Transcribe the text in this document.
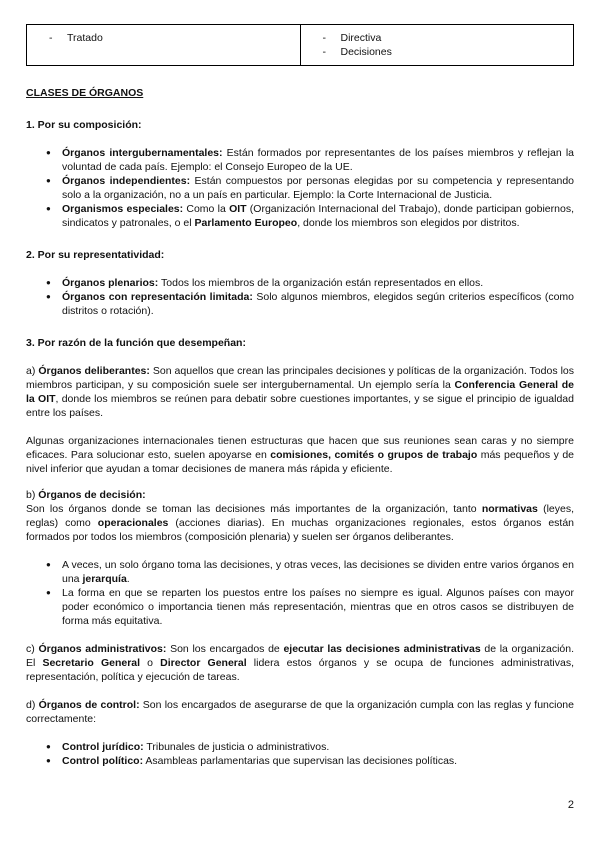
- Tratado	- Directiva
- Decisiones
CLASES DE ÓRGANOS
1. Por su composición:
● Órganos intergubernamentales: Están formados por representantes de los países miembros y reflejan la voluntad de cada país. Ejemplo: el Consejo Europeo de la UE.
● Órganos independientes: Están compuestos por personas elegidas por su competencia y representando solo a la organización, no a un país en particular. Ejemplo: la Corte Internacional de Justicia.
● Organismos especiales: Como la OIT (Organización Internacional del Trabajo), donde participan gobiernos, sindicatos y patronales, o el Parlamento Europeo, donde los miembros son elegidos por distritos.
2. Por su representatividad:
● Órganos plenarios: Todos los miembros de la organización están representados en ellos.
● Órganos con representación limitada: Solo algunos miembros, elegidos según criterios específicos (como distritos o rotación).
3. Por razón de la función que desempeñan:

a) Órganos deliberantes: Son aquellos que crean las principales decisiones y políticas de la organización. Todos los miembros participan, y su composición suele ser intergubernamental. Un ejemplo sería la Conferencia General de la OIT, donde los miembros se reúnen para debatir sobre cuestiones importantes, y se sigue el principio de igualdad entre los países.

Algunas organizaciones internacionales tienen estructuras que hacen que sus reuniones sean caras y no siempre eficaces. Para solucionar esto, suelen apoyarse en comisiones, comités o grupos de trabajo más pequeños y de nivel inferior que ayudan a tomar decisiones de manera más rápida y eficiente.

b) Órganos de decisión:

Son los órganos donde se toman las decisiones más importantes de la organización, tanto normativas (leyes, reglas) como operacionales (acciones diarias). En muchas organizaciones regionales, estos órganos están formados por todos los miembros (composición plenaria) y suelen ser órganos deliberantes.

● A veces, un solo órgano toma las decisiones, y otras veces, las decisiones se dividen entre varios órganos en una jerarquía.
● La forma en que se reparten los puestos entre los países no siempre es igual. Algunos países con mayor poder económico o importancia tienen más representación, mientras que en otros casos se distribuyen de forma más equitativa.

c) Órganos administrativos: Son los encargados de ejecutar las decisiones administrativas de la organización. El Secretario General o Director General lidera estos órganos y se ocupa de funciones administrativas, representación, política y ejecución de tareas.

d) Órganos de control: Son los encargados de asegurarse de que la organización cumpla con las reglas y funcione correctamente:

● Control jurídico: Tribunales de justicia o administrativos.
● Control político: Asambleas parlamentarias que supervisan las decisiones políticas.
2
